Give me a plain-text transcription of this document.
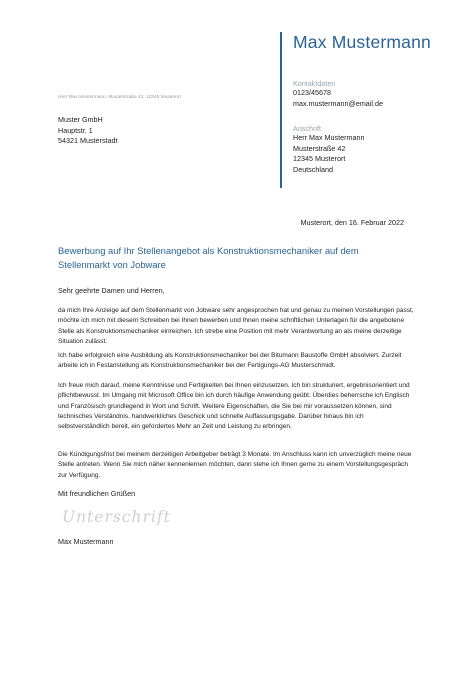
Max Mustermann
Kontaktdaten
0123/45678
max.mustermann@email.de
Anschrift
Herr Max Mustermann
Musterstraße 42
12345 Musterort
Deutschland
Herr Max Mustermann, Musterstraße 42, 12345 Musterort
Muster GmbH
Hauptstr. 1
54321 Musterstadt
Musterort, den 16. Februar 2022
Bewerbung auf Ihr Stellenangebot als Konstruktionsmechaniker auf dem Stellenmarkt von Jobware
Sehr geehrte Damen und Herren,
da mich Ihre Anzeige auf dem Stellenmarkt von Jobware sehr angesprochen hat und genau zu meinen Vorstellungen passt, möchte ich mich mit diesem Schreiben bei Ihnen bewerben und Ihnen meine schriftlichen Unterlagen für die angebotene Stelle als Konstruktionsmechaniker einreichen. Ich strebe eine Position mit mehr Verantwortung an als meine derzeitige Situation zulässt.
Ich habe erfolgreich eine Ausbildung als Konstruktionsmechaniker bei der Bitumann Baustoffe GmbH absolviert. Zurzeit arbeite ich in Festanstellung als Konstruktionsmechaniker bei der Fertigungs-AG Musterschmidt.
Ich freue mich darauf, meine Kenntnisse und Fertigkeiten bei Ihnen einzusetzen. Ich bin strukturiert, ergebnisorientiert und pflichtbewusst. Im Umgang mit Microsoft Office bin ich durch häufige Anwendung geübt. Überdies beherrsche ich Englisch und Französisch grundlegend in Wort und Schrift. Weitere Eigenschaften, die Sie bei mir voraussetzen können, sind technisches Verständnis, handwerkliches Geschick und schnelle Auffassungsgabe. Darüber hinaus bin ich selbstverständlich bereit, ein gefordertes Mehr an Zeit und Leistung zu erbringen.
Die Kündigungsfrist bei meinem derzeitigen Arbeitgeber beträgt 3 Monate. Im Anschluss kann ich unverzüglich meine neue Stelle antreten. Wenn Sie mich näher kennenlernen möchten, dann stehe ich Ihnen gerne zu einem Vorstellungsgespräch zur Verfügung.
Mit freundlichen Grüßen
Unterschrift
Max Mustermann
